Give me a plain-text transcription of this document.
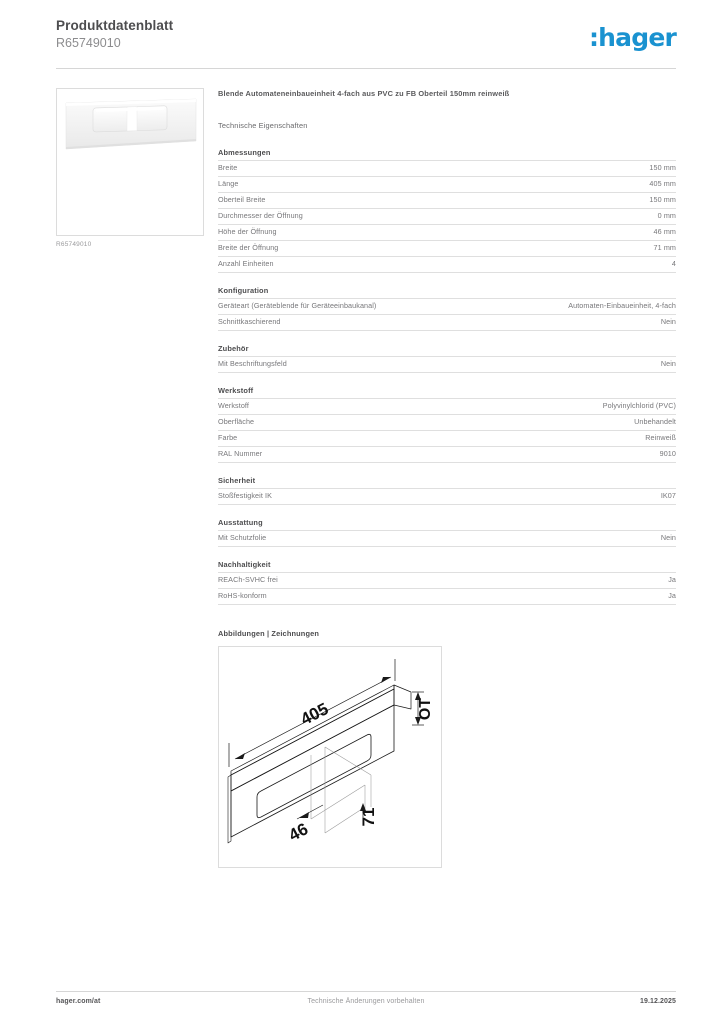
Produktdatenblatt
R65749010	:hager
R65749010
Blende Automateneinbaueinheit 4-fach aus PVC zu FB Oberteil 150mm reinweiß
Technische Eigenschaften
Abmessungen
Breite	150 mm
Länge	405 mm
Oberteil Breite	150 mm
Durchmesser der Öffnung	0 mm
Höhe der Öffnung	46 mm
Breite der Öffnung	71 mm
Anzahl Einheiten	4
Konfiguration
Geräteart (Geräteblende für Geräteeinbaukanal)	Automaten-Einbaueinheit, 4-fach
Schnittkaschierend	Nein
Zubehör
Mit Beschriftungsfeld	Nein
Werkstoff
Werkstoff	Polyvinylchlorid (PVC)
Oberfläche	Unbehandelt
Farbe	Reinweiß
RAL Nummer	9010
Sicherheit
Stoßfestigkeit IK	IK07
Ausstattung
Mit Schutzfolie	Nein
Nachhaltigkeit
REACh-SVHC frei	Ja
RoHS-konform	Ja
Abbildungen | Zeichnungen
405	OT
46
71
hager.com/at	Technische Änderungen vorbehalten	19.12.2025
